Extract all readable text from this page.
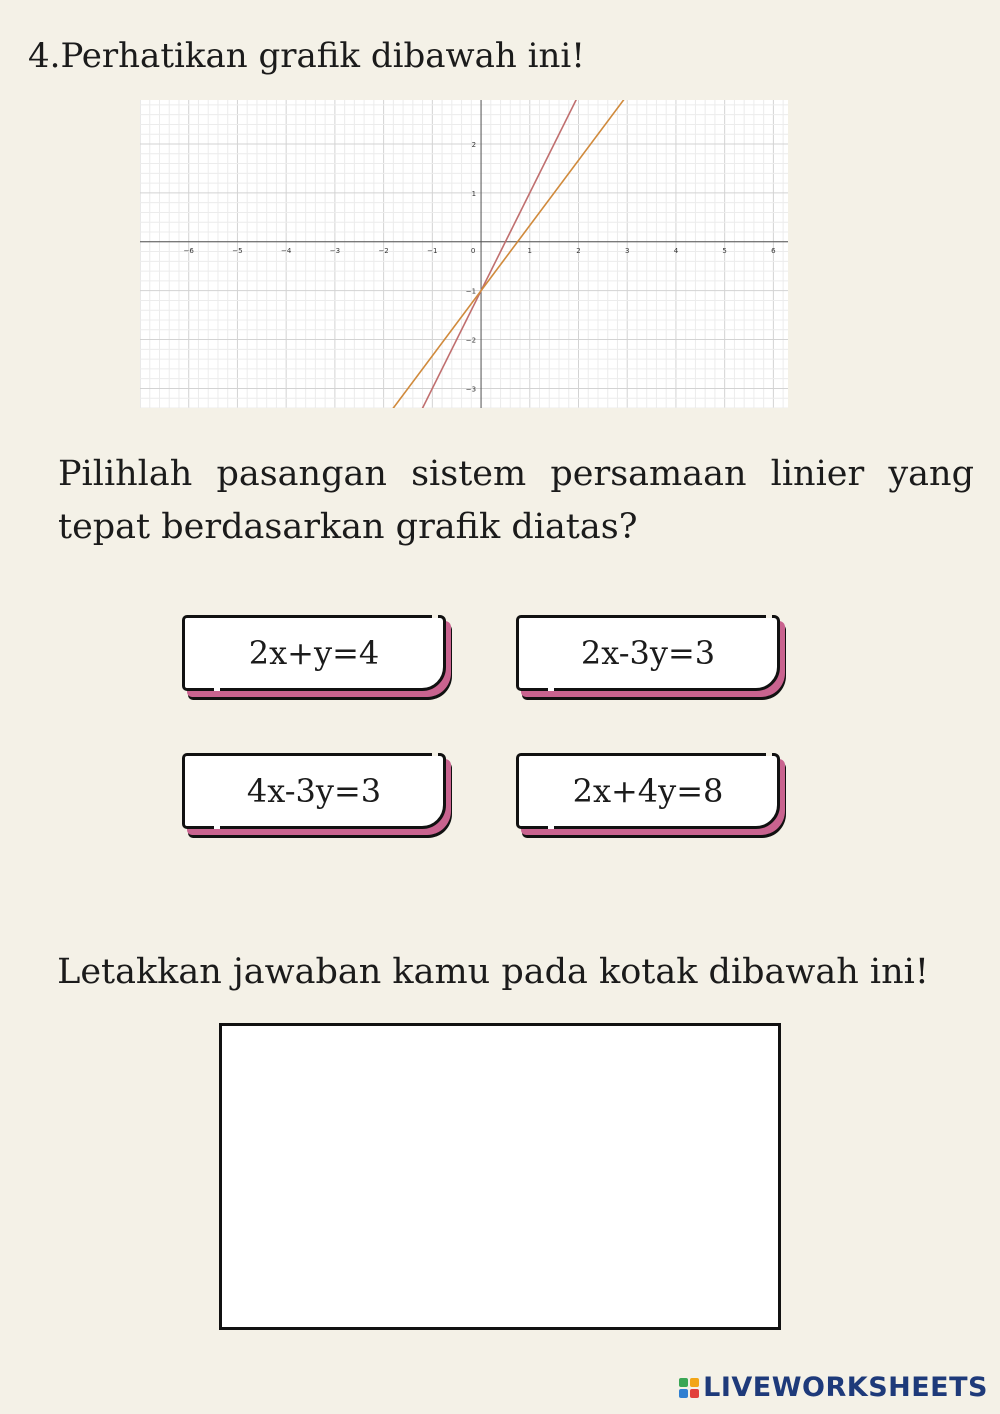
4.Perhatikan grafik dibawah ini!
−6	−5	−4	−3	−2	−1	0	1	2	3	4	5	6
2
1
−1
−2
−3

Pilihlah pasangan sistem persamaan linier yang tepat berdasarkan grafik diatas?

2x+y=4	2x-3y=3
4x-3y=3	2x+4y=8

Letakkan jawaban kamu pada kotak dibawah ini!

LIVEWORKSHEETS
